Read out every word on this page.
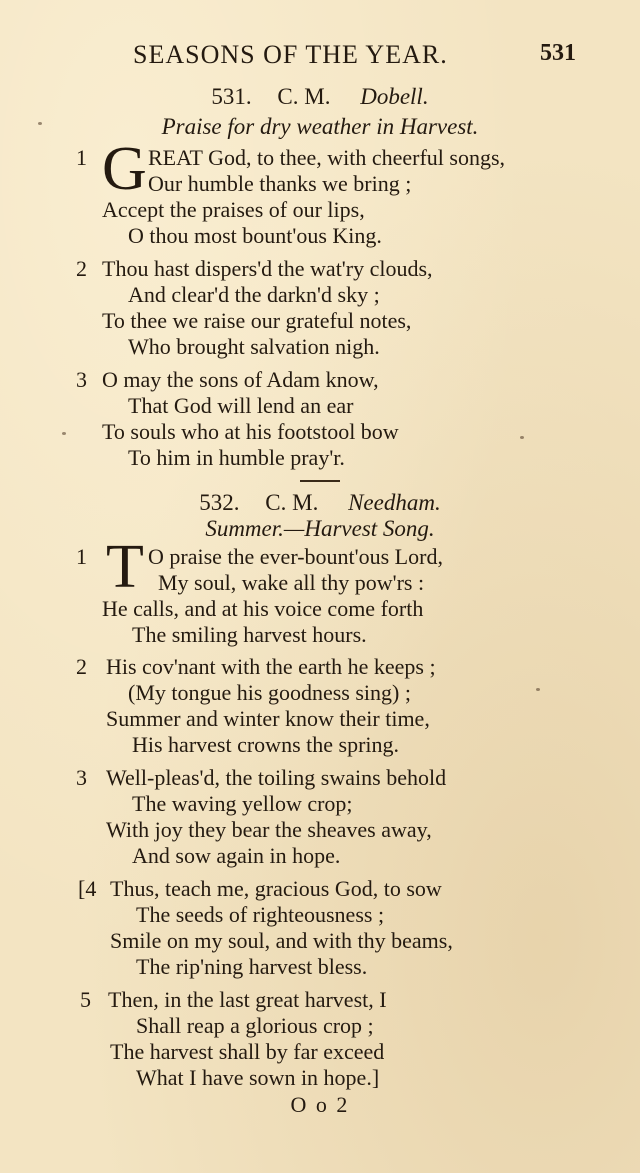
SEASONS OF THE YEAR.	531
531. C. M. Dobell.
Praise for dry weather in Harvest.
1 G REAT God, to thee, with cheerful songs,
Our humble thanks we bring ;
Accept the praises of our lips,
O thou most bount'ous King.
2 Thou hast dispers'd the wat'ry clouds,
And clear'd the darkn'd sky ;
To thee we raise our grateful notes,
Who brought salvation nigh.
3 O may the sons of Adam know,
That God will lend an ear
To souls who at his footstool bow
To him in humble pray'r.
532. C. M. Needham.
Summer.—Harvest Song.
1 T O praise the ever-bount'ous Lord,
My soul, wake all thy pow'rs :
He calls, and at his voice come forth
The smiling harvest hours.
2 His cov'nant with the earth he keeps ;
(My tongue his goodness sing) ;
Summer and winter know their time,
His harvest crowns the spring.
3 Well-pleas'd, the toiling swains behold
The waving yellow crop;
With joy they bear the sheaves away,
And sow again in hope.
[4 Thus, teach me, gracious God, to sow
The seeds of righteousness ;
Smile on my soul, and with thy beams,
The rip'ning harvest bless.
5 Then, in the last great harvest, I
Shall reap a glorious crop ;
The harvest shall by far exceed
What I have sown in hope.]
O o 2
